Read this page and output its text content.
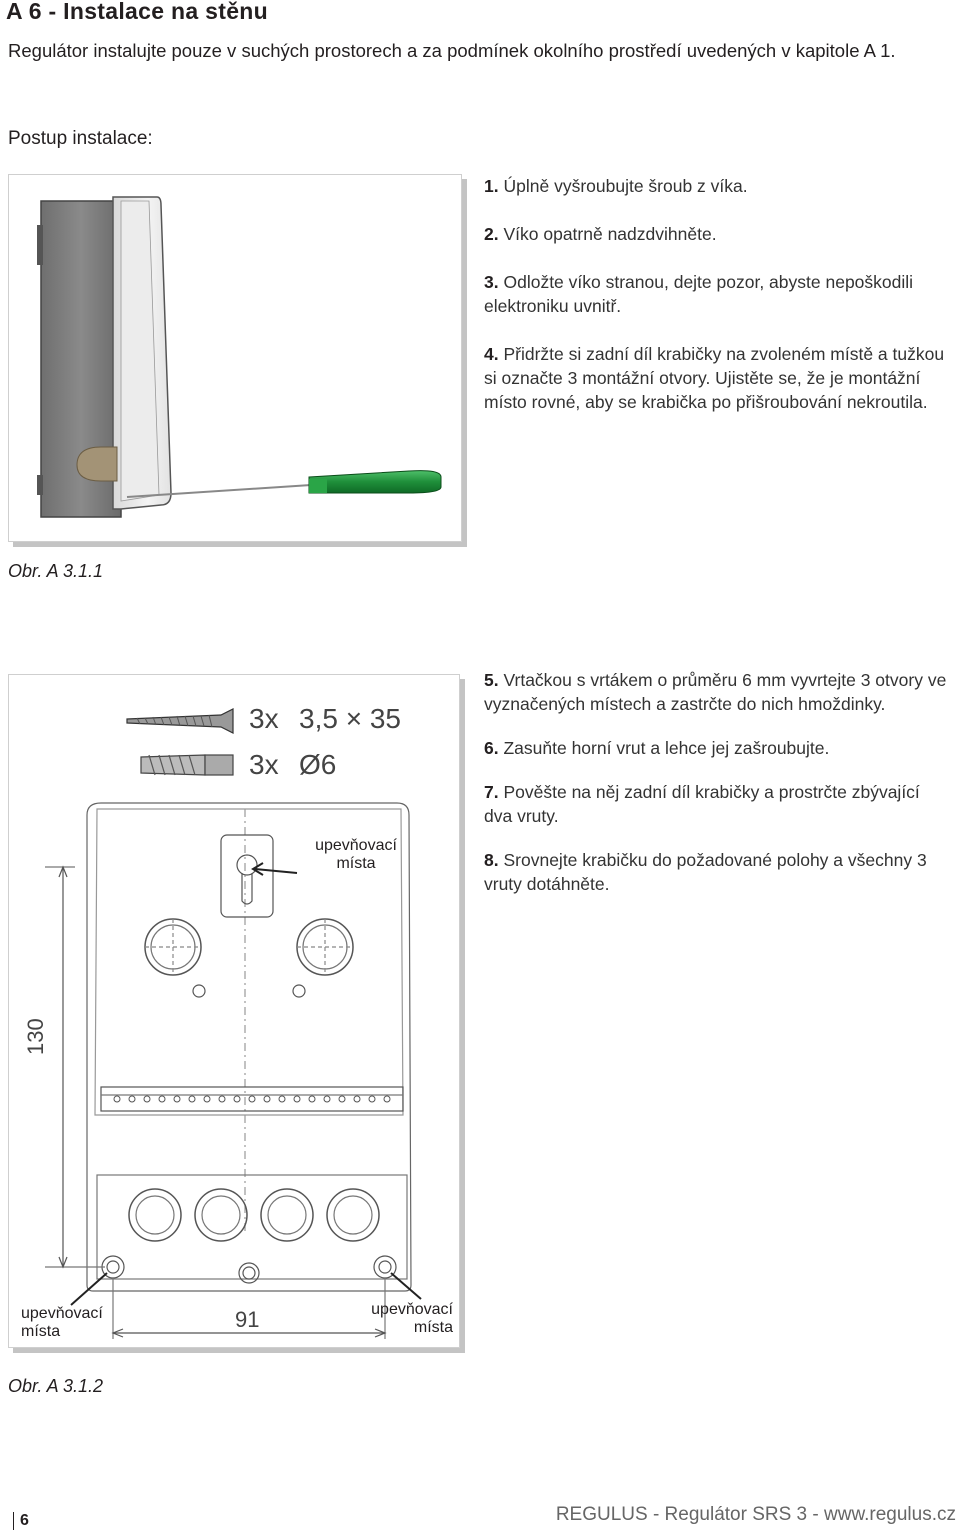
A 6 - Instalace na stěnu
Regulátor instalujte pouze v suchých prostorech a za podmínek okolního prostředí uvedených v kapitole A 1.
Postup instalace:
1. Úplně vyšroubujte šroub z víka.
2. Víko opatrně nadzdvihněte.
3. Odložte víko stranou, dejte pozor, abyste nepoškodili elektroniku uvnitř.
4. Přidržte si zadní díl krabičky na zvoleném místě a tužkou si označte 3 montážní otvory. Ujistěte se, že je montážní místo rovné, aby se krabička po přišroubování nekroutila.
Obr. A 3.1.1
3x 3,5 × 35
3x Ø6
upevňovací místa
upevňovací místa
upevňovací místa
130
91
5. Vrtačkou s vrtákem o průměru 6 mm vyvrtejte 3 otvory ve vyznačených místech a zastrčte do nich hmoždinky.
6. Zasuňte horní vrut a lehce jej zašroubujte.
7. Pověšte na něj zadní díl krabičky a prostrčte zbývající dva vruty.
8. Srovnejte krabičku do požadované polohy a všechny 3 vruty dotáhněte.
Obr. A 3.1.2
6	REGULUS - Regulátor SRS 3 - www.regulus.cz
